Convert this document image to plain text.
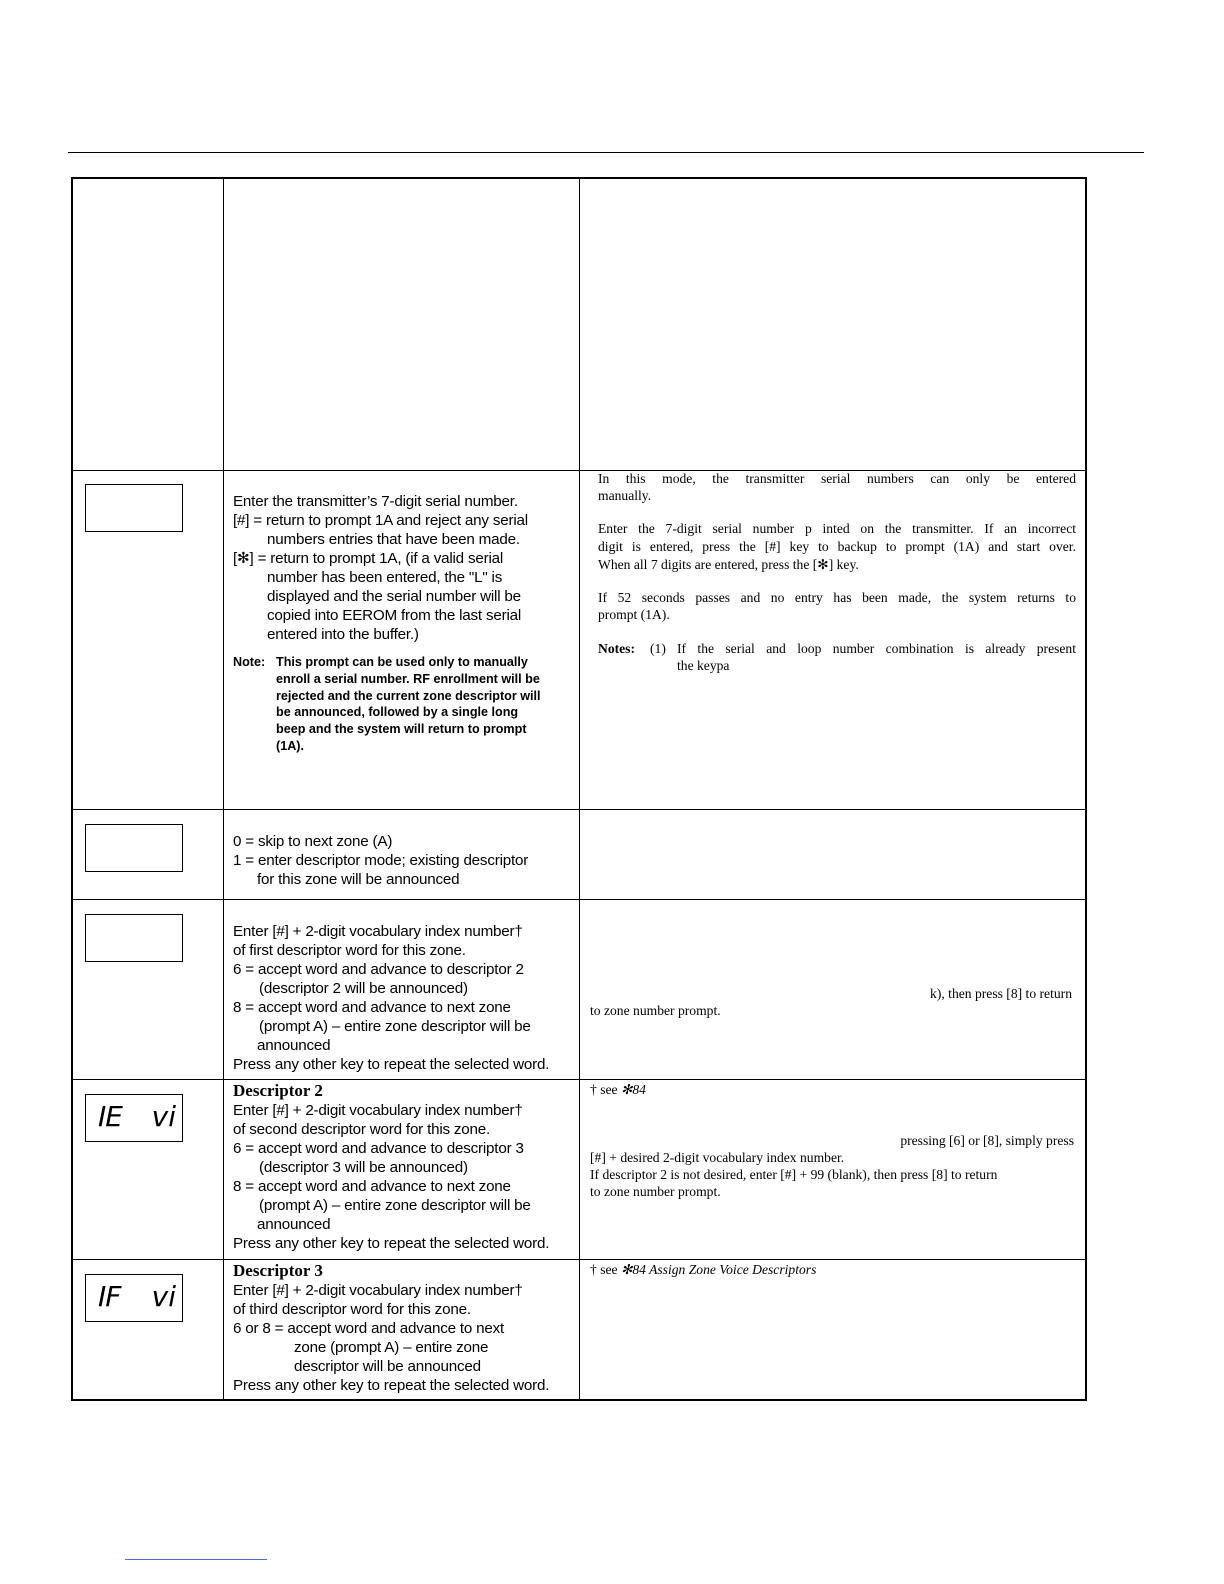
Enter the transmitter’s 7-digit serial number.

[#] = return to prompt 1A and reject any serial

numbers entries that have been made.

[✻] = return to prompt 1A, (if a valid serial

number has been entered, the "L" is

displayed and the serial number will be

copied into EEROM from the last serial

entered into the buffer.)

Note: This prompt can be used only to manually
enroll a serial number. RF enrollment will be
rejected and the current zone descriptor will
be announced, followed by a single long
beep and the system will return to prompt
(1A).

In this mode, the transmitter serial numbers can only be entered

manually.

Enter the 7-digit serial number p inted on the transmitter. If an incorrect

digit is entered, press the [#] key to backup to prompt (1A) and start over.

When all 7 digits are entered, press the [✻] key.

If 52 seconds passes and no entry has been made, the system returns to

prompt (1A).

Notes: (1) If the serial and loop number combination is already present

the keypa

0 = skip to next zone (A)

1 = enter descriptor mode; existing descriptor

for this zone will be announced

Enter [#] + 2-digit vocabulary index number†

of first descriptor word for this zone.

6 = accept word and advance to descriptor 2

(descriptor 2 will be announced)

8 = accept word and advance to next zone

(prompt A) – entire zone descriptor will be

announced

Press any other key to repeat the selected word.

k), then press [8] to return

to zone number prompt.

IE vi

Descriptor 2

Enter [#] + 2-digit vocabulary index number†

of second descriptor word for this zone.

6 = accept word and advance to descriptor 3

(descriptor 3 will be announced)

8 = accept word and advance to next zone

(prompt A) – entire zone descriptor will be

announced

Press any other key to repeat the selected word.

† see ✻84

pressing [6] or [8], simply press

[#] + desired 2-digit vocabulary index number.

If descriptor 2 is not desired, enter [#] + 99 (blank), then press [8] to return

to zone number prompt.

IF vi

Descriptor 3

Enter [#] + 2-digit vocabulary index number†

of third descriptor word for this zone.

6 or 8 = accept word and advance to next

zone (prompt A) – entire zone

descriptor will be announced

Press any other key to repeat the selected word.

† see ✻84 Assign Zone Voice Descriptors
